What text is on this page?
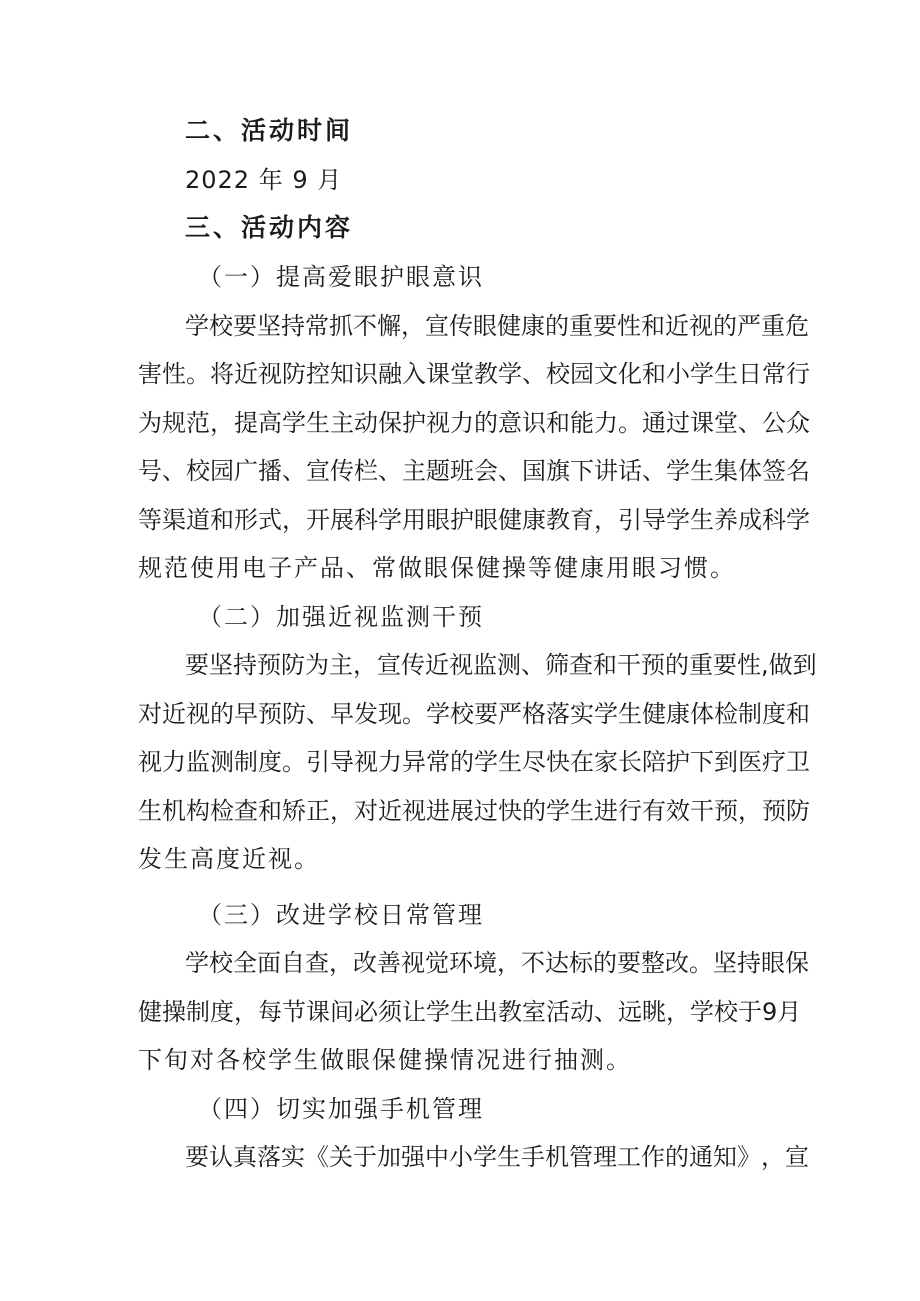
二、活动时间
2022 年 9 月
三、活动内容
（一）提高爱眼护眼意识
学 校 要 坚 持 常 抓 不 懈 ， 宣 传 眼 健 康 的 重 要 性 和 近 视 的 严 重 危
害 性 。 将 近 视 防 控 知 识 融 入 课 堂 教 学 、 校 园 文 化 和 小 学 生 日 常 行
为 规 范 ， 提 高 学 生 主 动 保 护 视 力 的 意 识 和 能 力 。 通 过 课 堂 、 公 众
号 、 校 园 广 播 、 宣 传 栏 、 主 题 班 会 、 国 旗 下 讲 话 、 学 生 集 体 签 名
等 渠 道 和 形 式 ， 开 展 科 学 用 眼 护 眼 健 康 教 育 ， 引 导 学 生 养 成 科 学
规范使用电子产品、常做眼保健操等健康用眼习惯。
（二）加强近视监测干预
要 坚 持 预 防 为 主 ， 宣 传 近 视 监 测 、 筛 查 和 干 预 的 重 要 性 , 做 到
对 近 视 的 早 预 防 、 早 发 现 。 学 校 要 严 格 落 实 学 生 健 康 体 检 制 度 和
视 力 监 测 制 度 。 引 导 视 力 异 常 的 学 生 尽 快 在 家 长 陪 护 下 到 医 疗 卫
生 机 构 检 查 和 矫 正 ， 对 近 视 进 展 过 快 的 学 生 进 行 有 效 干 预 ， 预 防
发生高度近视。
（三）改进学校日常管理
学 校 全 面 自 查 ， 改 善 视 觉 环 境 ， 不 达 标 的 要 整 改 。 坚 持 眼 保
健 操 制 度 ， 每 节 课 间 必 须 让 学 生 出 教 室 活 动 、 远 眺 ， 学 校 于 9 月
下旬对各校学生做眼保健操情况进行抽测。
（四）切实加强手机管理
要 认 真 落 实 《 关 于 加 强 中 小 学 生 手 机 管 理 工 作 的 通 知 》 ， 宣
